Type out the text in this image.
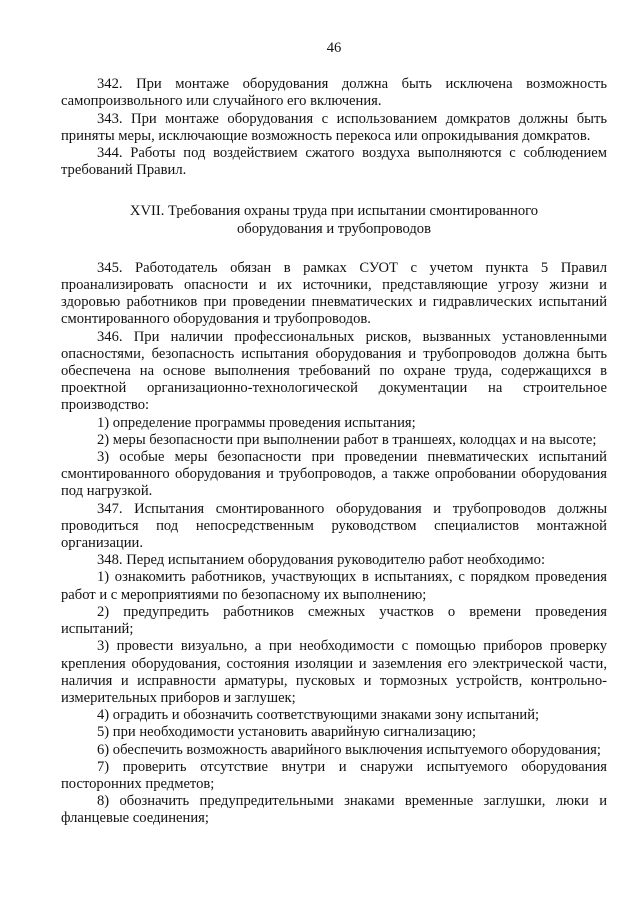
46

342. При монтаже оборудования должна быть исключена возможность самопроизвольного или случайного его включения.

343. При монтаже оборудования с использованием домкратов должны быть приняты меры, исключающие возможность перекоса или опрокидывания домкратов.

344. Работы под воздействием сжатого воздуха выполняются с соблюдением требований Правил.

XVII. Требования охраны труда при испытании смонтированного
оборудования и трубопроводов

345. Работодатель обязан в рамках СУОТ с учетом пункта 5 Правил проанализировать опасности и их источники, представляющие угрозу жизни и здоровью работников при проведении пневматических и гидравлических испытаний смонтированного оборудования и трубопроводов.

346. При наличии профессиональных рисков, вызванных установленными опасностями, безопасность испытания оборудования и трубопроводов должна быть обеспечена на основе выполнения требований по охране труда, содержащихся в проектной организационно-технологической документации на строительное производство:

1) определение программы проведения испытания;

2) меры безопасности при выполнении работ в траншеях, колодцах и на высоте;

3) особые меры безопасности при проведении пневматических испытаний смонтированного оборудования и трубопроводов, а также опробовании оборудования под нагрузкой.

347. Испытания смонтированного оборудования и трубопроводов должны проводиться под непосредственным руководством специалистов монтажной организации.

348. Перед испытанием оборудования руководителю работ необходимо:

1) ознакомить работников, участвующих в испытаниях, с порядком проведения работ и с мероприятиями по безопасному их выполнению;

2) предупредить работников смежных участков о времени проведения испытаний;

3) провести визуально, а при необходимости с помощью приборов проверку крепления оборудования, состояния изоляции и заземления его электрической части, наличия и исправности арматуры, пусковых и тормозных устройств, контрольно-измерительных приборов и заглушек;

4) оградить и обозначить соответствующими знаками зону испытаний;

5) при необходимости установить аварийную сигнализацию;

6) обеспечить возможность аварийного выключения испытуемого оборудования;

7) проверить отсутствие внутри и снаружи испытуемого оборудования посторонних предметов;

8) обозначить предупредительными знаками временные заглушки, люки и фланцевые соединения;
